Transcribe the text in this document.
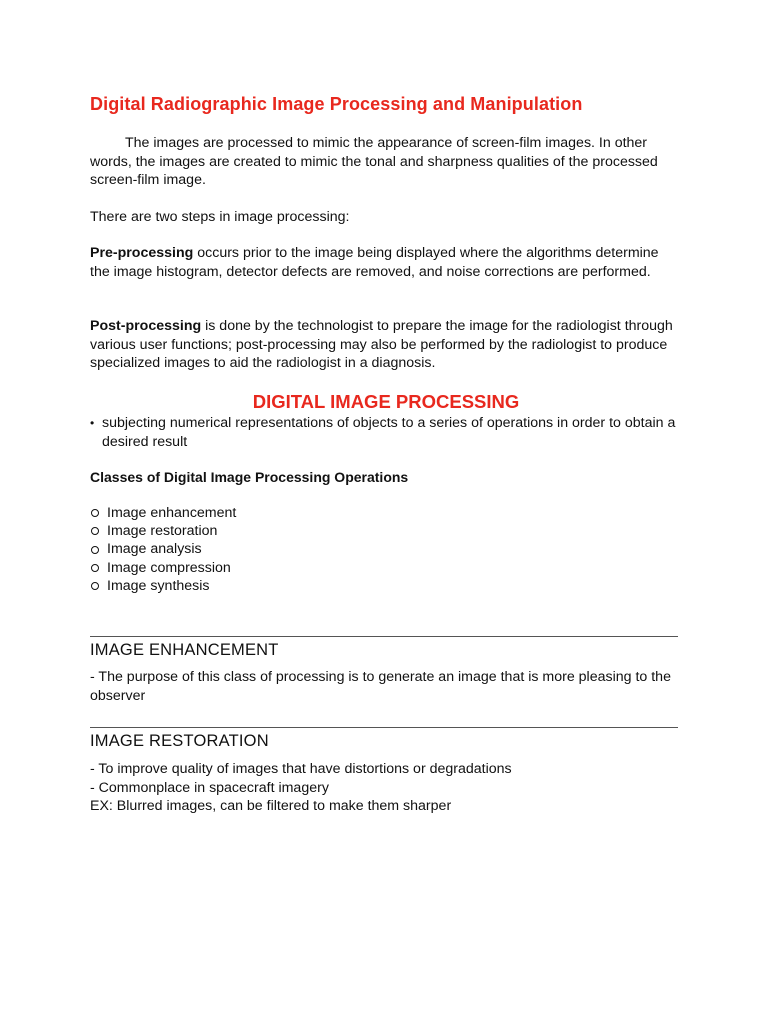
Digital Radiographic Image Processing and Manipulation
The images are processed to mimic the appearance of screen-film images. In other words, the images are created to mimic the tonal and sharpness qualities of the processed screen-film image.
There are two steps in image processing:
Pre-processing occurs prior to the image being displayed where the algorithms determine the image histogram, detector defects are removed, and noise corrections are performed.
Post-processing is done by the technologist to prepare the image for the radiologist through various user functions; post-processing may also be performed by the radiologist to produce specialized images to aid the radiologist in a diagnosis.
DIGITAL IMAGE PROCESSING
• subjecting numerical representations of objects to a series of operations in order to obtain a desired result
Classes of Digital Image Processing Operations
Image enhancement
Image restoration
Image analysis
Image compression
Image synthesis
IMAGE ENHANCEMENT
- The purpose of this class of processing is to generate an image that is more pleasing to the observer
IMAGE RESTORATION
- To improve quality of images that have distortions or degradations
- Commonplace in spacecraft imagery
EX: Blurred images, can be filtered to make them sharper
